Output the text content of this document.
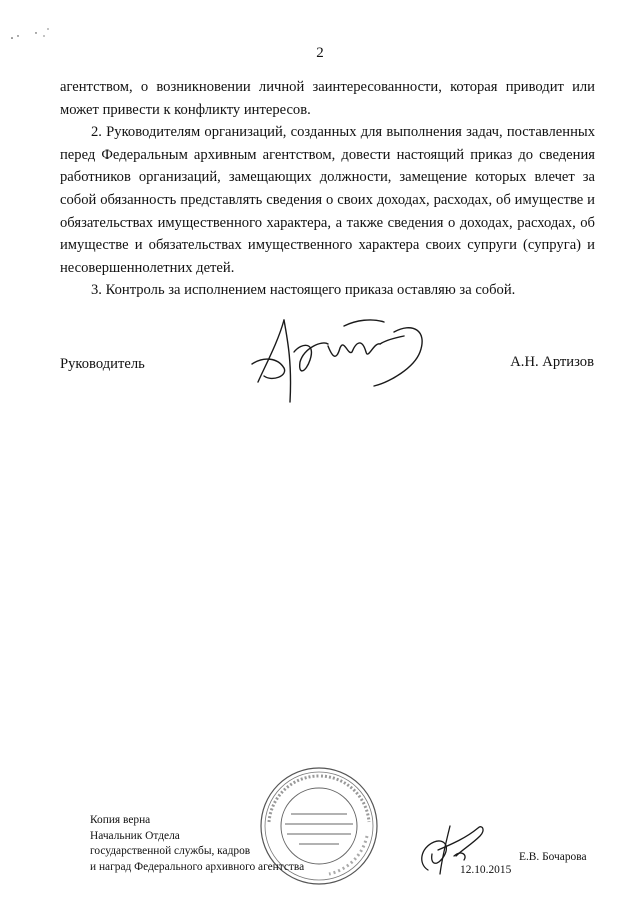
2

агентством, о возникновении личной заинтересованности, которая приводит или может привести к конфликту интересов.

2. Руководителям организаций, созданных для выполнения задач, поставленных перед Федеральным архивным агентством, довести настоящий приказ до сведения работников организаций, замещающих должности, замещение которых влечет за собой обязанность представлять сведения о своих доходах, расходах, об имуществе и обязательствах имущественного характера, а также сведения о доходах, расходах, об имуществе и обязательствах имущественного характера своих супруги (супруга) и несовершеннолетних детей.

3. Контроль за исполнением настоящего приказа оставляю за собой.

Руководитель	А.Н. Артизов
Копия верна
Начальник Отдела
государственной службы, кадров
и наград Федерального архивного агентства	12.10.2015
Е.В. Бочарова
